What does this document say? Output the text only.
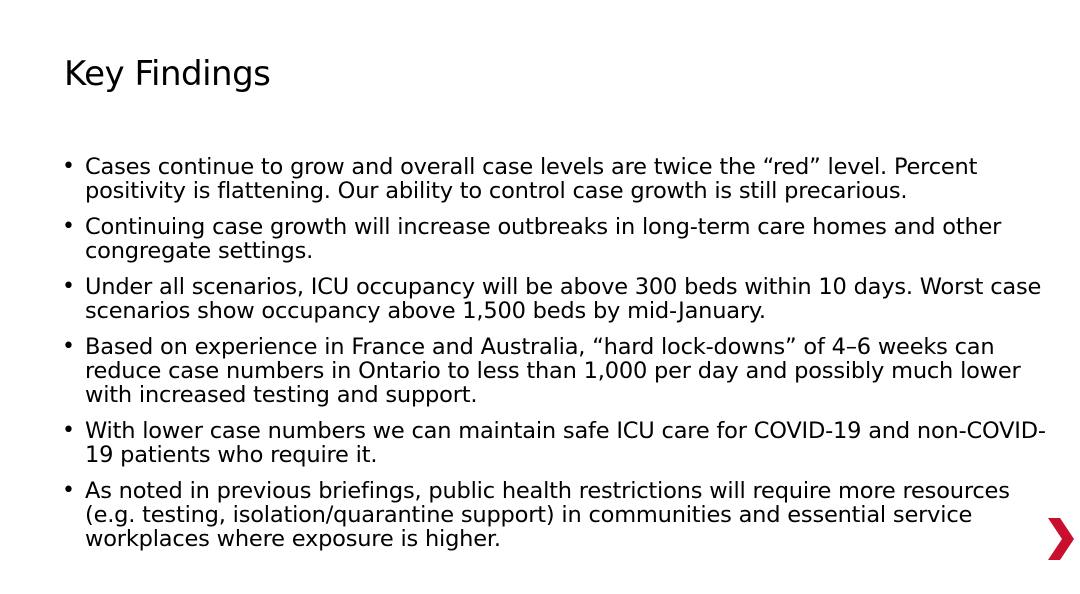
Key Findings
• Cases continue to grow and overall case levels are twice the “red” level. Percent positivity is flattening. Our ability to control case growth is still precarious.
• Continuing case growth will increase outbreaks in long-term care homes and other congregate settings.
• Under all scenarios, ICU occupancy will be above 300 beds within 10 days. Worst case scenarios show occupancy above 1,500 beds by mid-January.
• Based on experience in France and Australia, “hard lock-downs” of 4–6 weeks can reduce case numbers in Ontario to less than 1,000 per day and possibly much lower with increased testing and support.
• With lower case numbers we can maintain safe ICU care for COVID-19 and non-COVID-19 patients who require it.
• As noted in previous briefings, public health restrictions will require more resources (e.g. testing, isolation/quarantine support) in communities and essential service workplaces where exposure is higher.
